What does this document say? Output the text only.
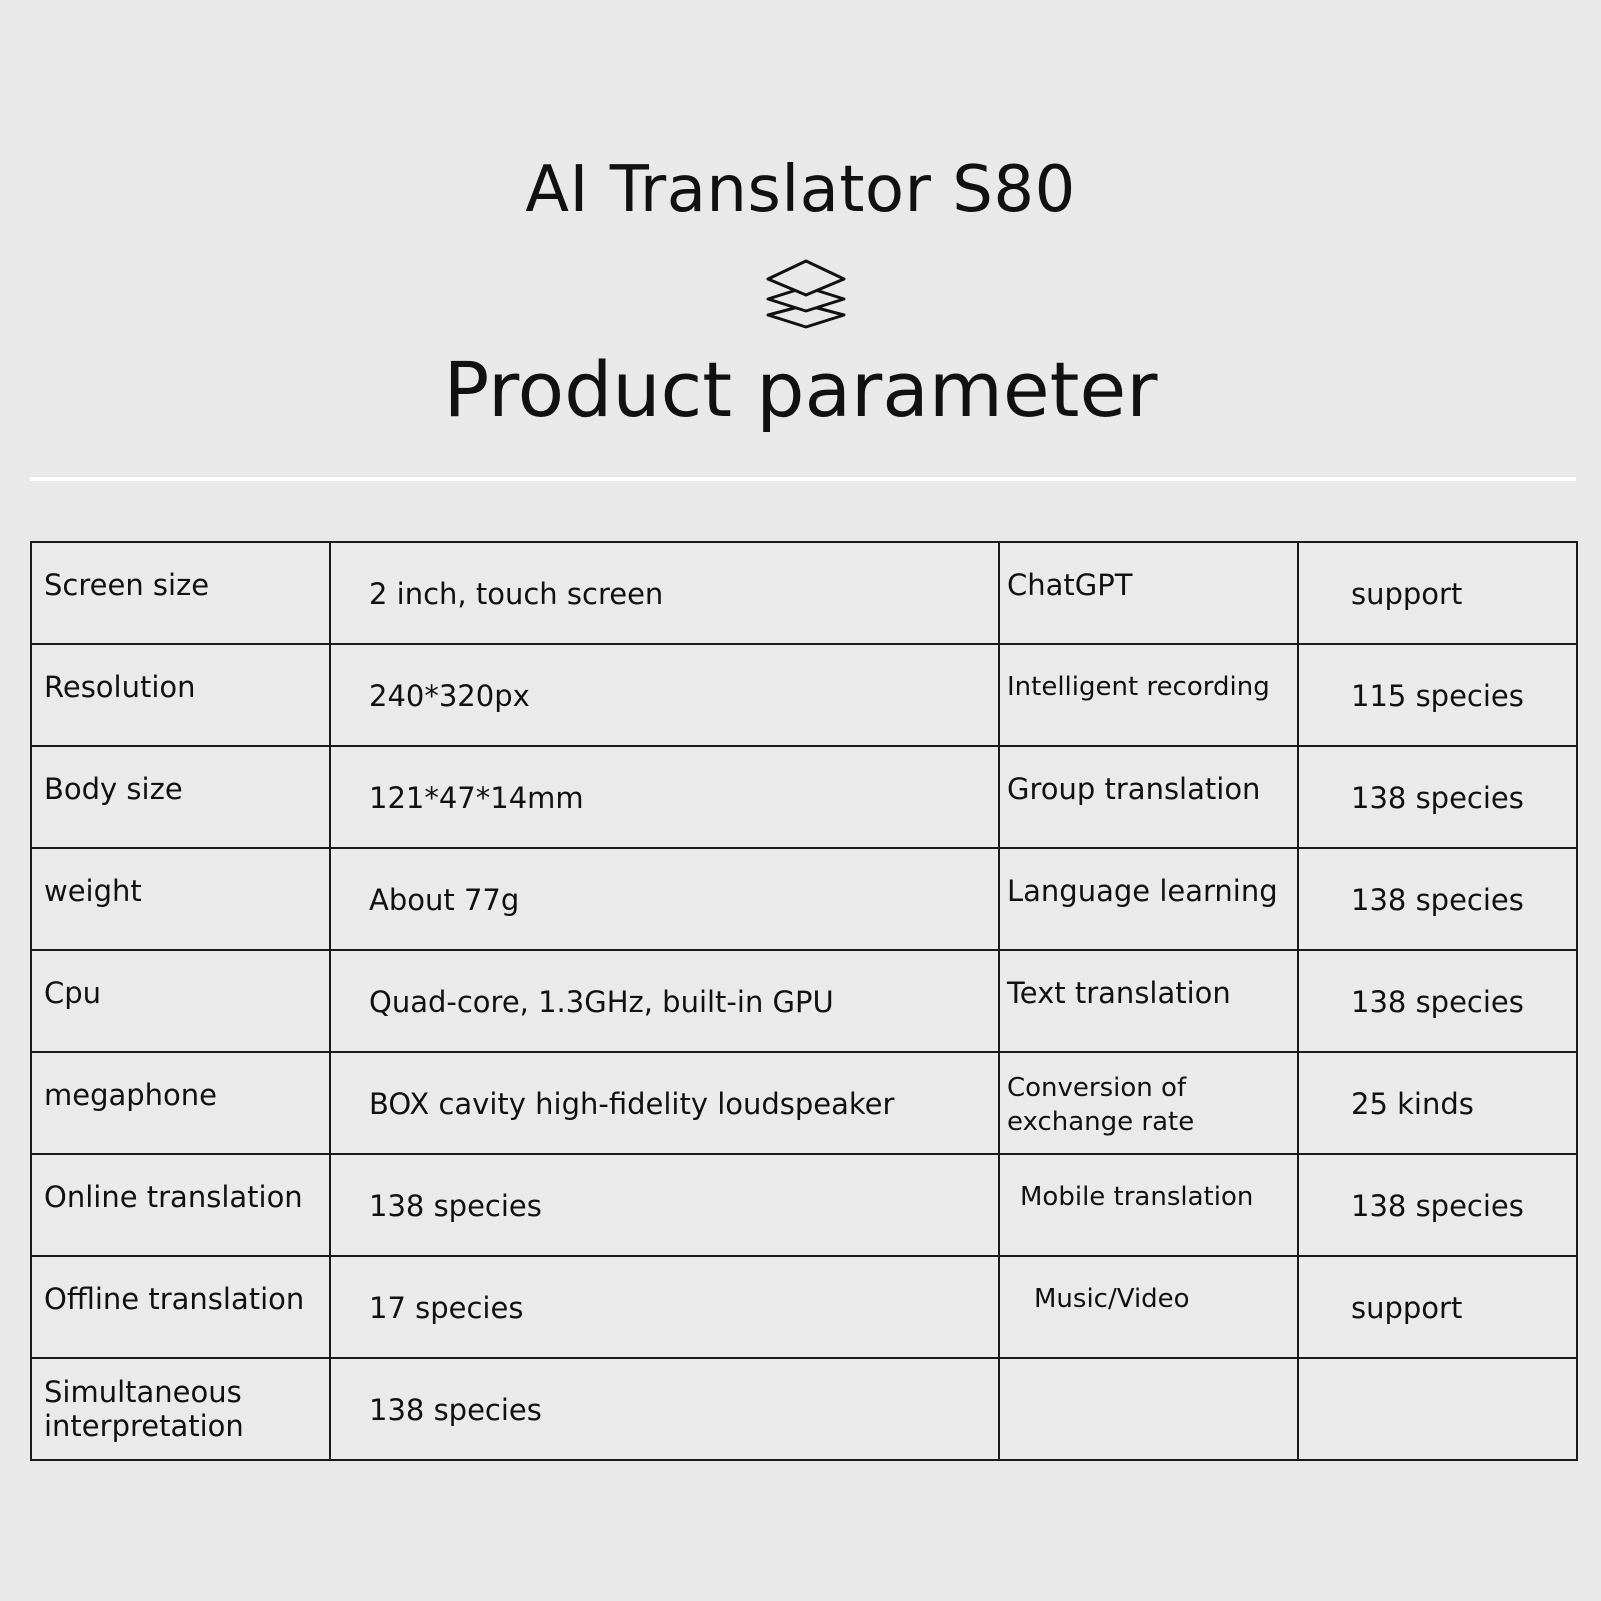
AI Translator S80
Product parameter
Screen size	2 inch, touch screen	ChatGPT	support
Resolution	240*320px	Intelligent recording	115 species
Body size	121*47*14mm	Group translation	138 species
weight	About 77g	Language learning	138 species
Cpu	Quad-core, 1.3GHz, built-in GPU	Text translation	138 species
megaphone	BOX cavity high-fidelity loudspeaker	Conversion of exchange rate	25 kinds
Online translation	138 species	Mobile translation	138 species
Offline translation	17 species	Music/Video	support
Simultaneous interpretation	138 species		
